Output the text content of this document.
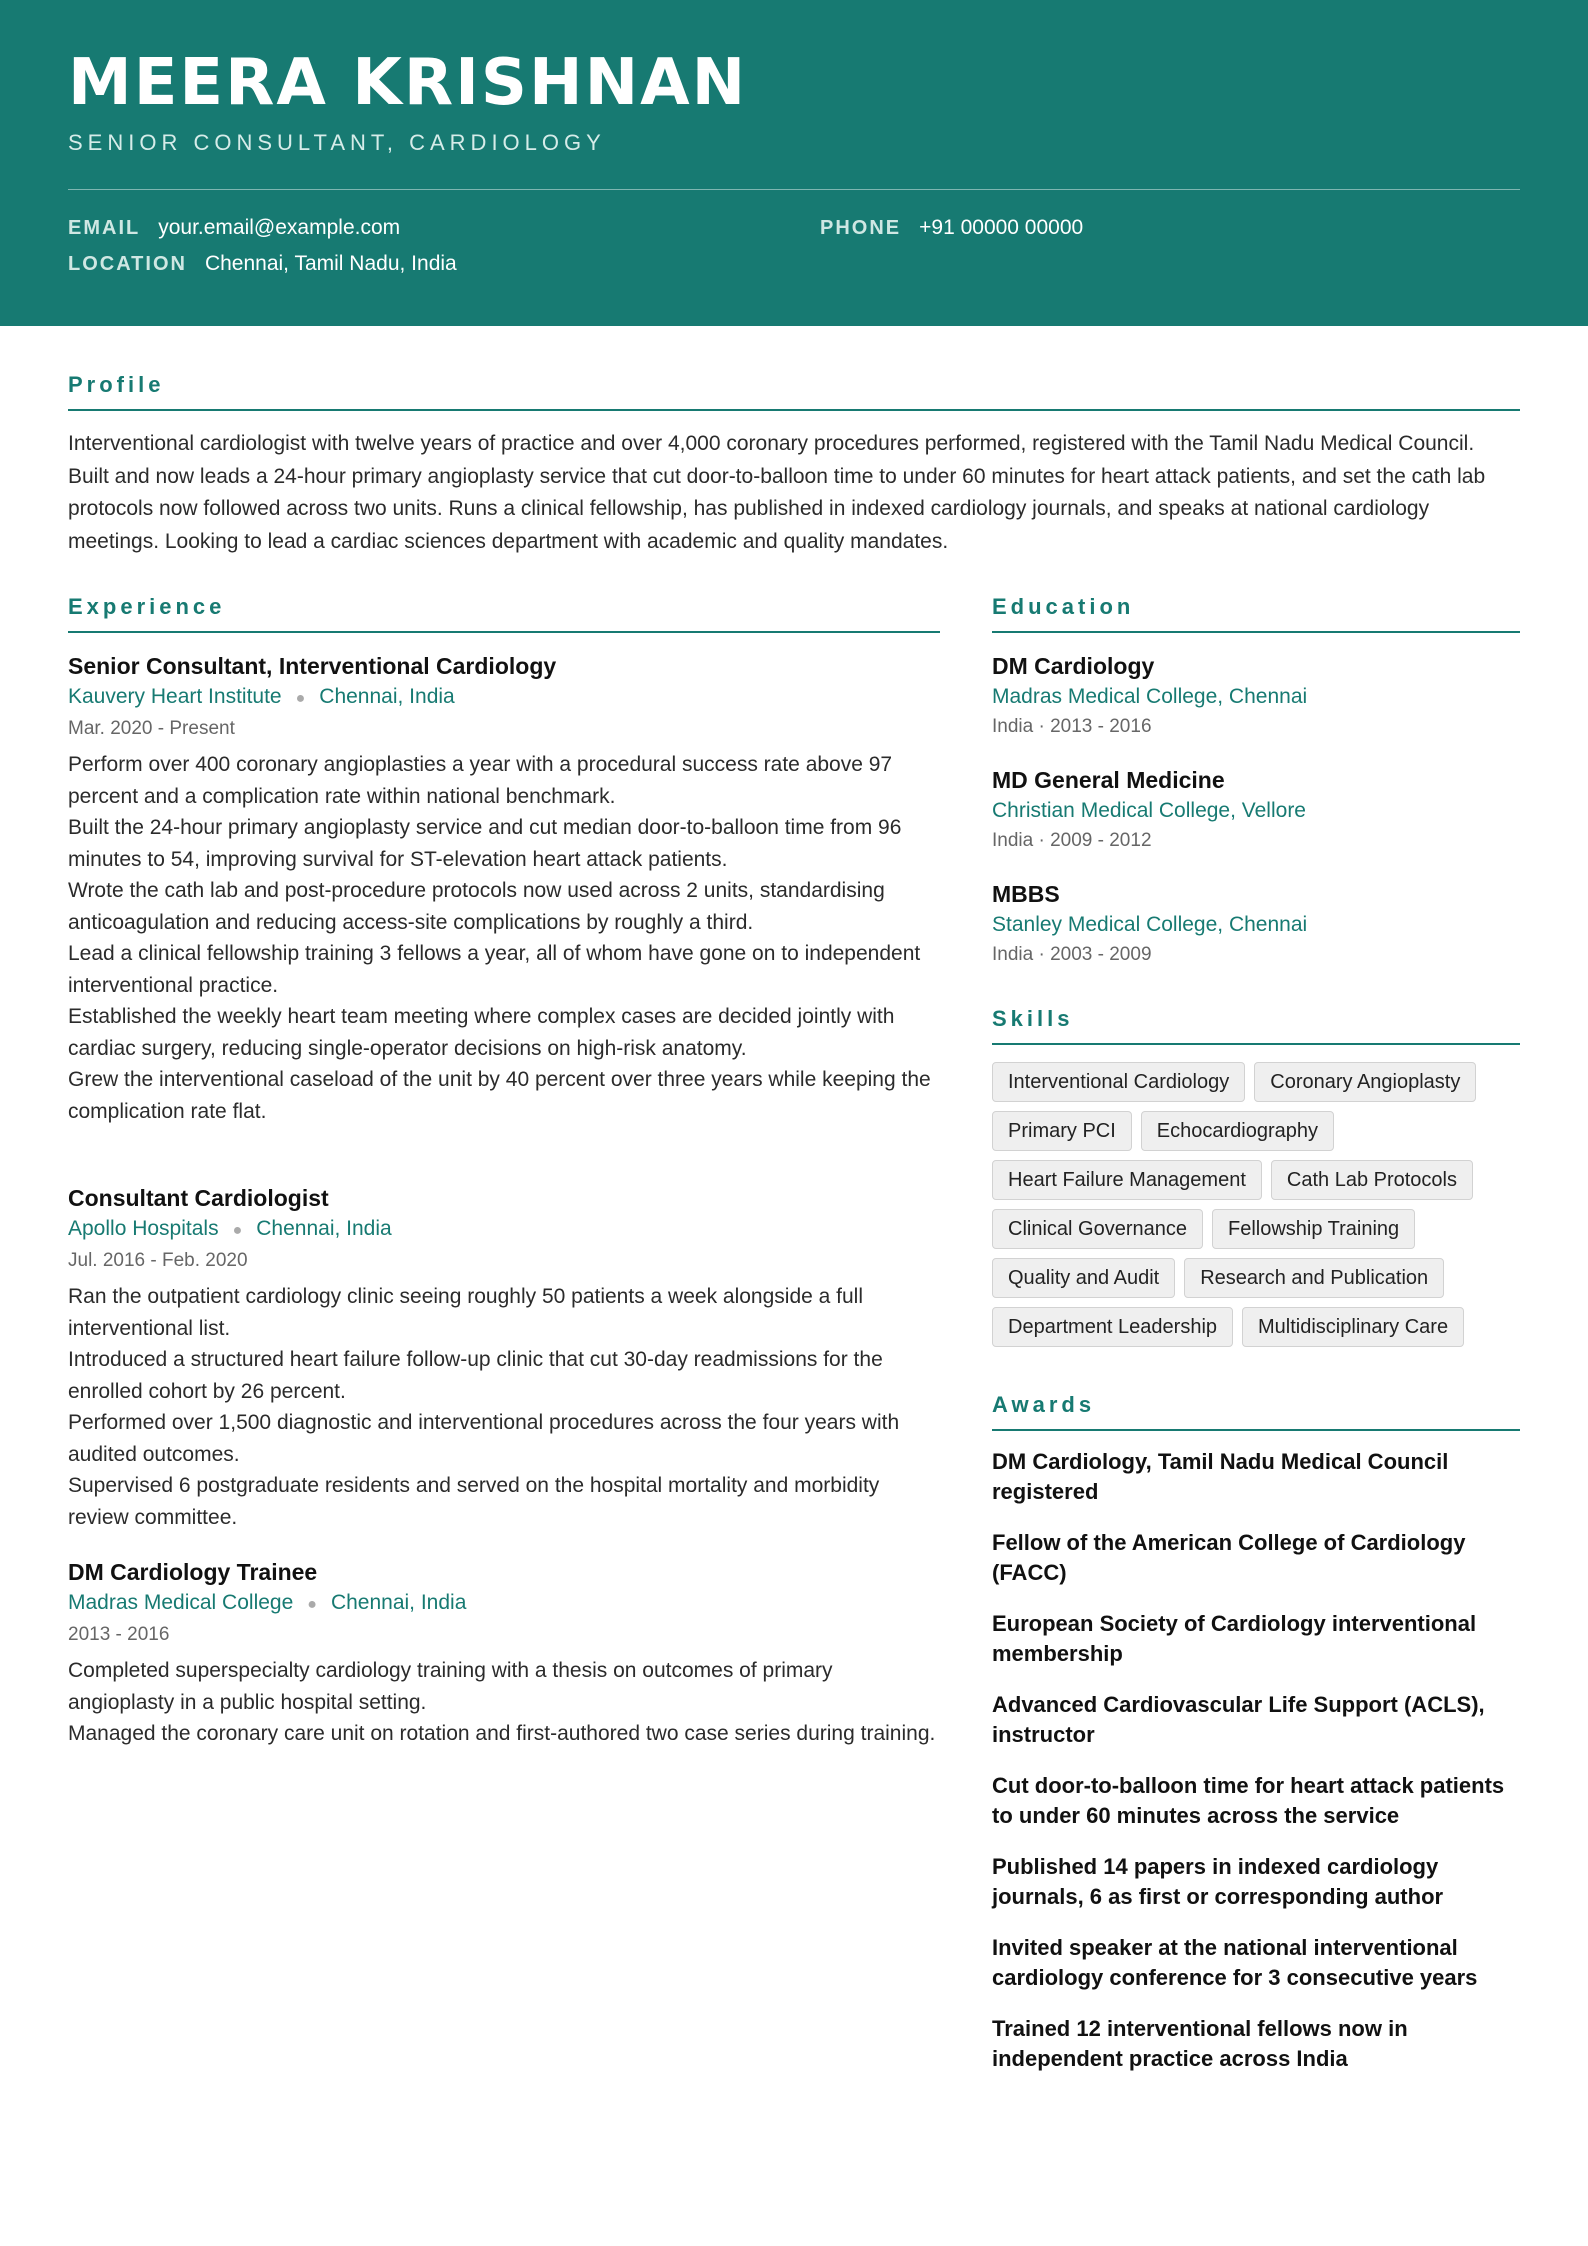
MEERA KRISHNAN
SENIOR CONSULTANT, CARDIOLOGY
EMAIL your.email@example.com	PHONE +91 00000 00000
LOCATION Chennai, Tamil Nadu, India
Profile
Interventional cardiologist with twelve years of practice and over 4,000 coronary procedures performed, registered with the Tamil Nadu Medical Council. Built and now leads a 24-hour primary angioplasty service that cut door-to-balloon time to under 60 minutes for heart attack patients, and set the cath lab protocols now followed across two units. Runs a clinical fellowship, has published in indexed cardiology journals, and speaks at national cardiology meetings. Looking to lead a cardiac sciences department with academic and quality mandates.
Experience
Senior Consultant, Interventional Cardiology
Kauvery Heart Institute ● Chennai, India
Mar. 2020 - Present
Perform over 400 coronary angioplasties a year with a procedural success rate above 97 percent and a complication rate within national benchmark.
Built the 24-hour primary angioplasty service and cut median door-to-balloon time from 96 minutes to 54, improving survival for ST-elevation heart attack patients.
Wrote the cath lab and post-procedure protocols now used across 2 units, standardising anticoagulation and reducing access-site complications by roughly a third.
Lead a clinical fellowship training 3 fellows a year, all of whom have gone on to independent interventional practice.
Established the weekly heart team meeting where complex cases are decided jointly with cardiac surgery, reducing single-operator decisions on high-risk anatomy.
Grew the interventional caseload of the unit by 40 percent over three years while keeping the complication rate flat.
Consultant Cardiologist
Apollo Hospitals ● Chennai, India
Jul. 2016 - Feb. 2020
Ran the outpatient cardiology clinic seeing roughly 50 patients a week alongside a full interventional list.
Introduced a structured heart failure follow-up clinic that cut 30-day readmissions for the enrolled cohort by 26 percent.
Performed over 1,500 diagnostic and interventional procedures across the four years with audited outcomes.
Supervised 6 postgraduate residents and served on the hospital mortality and morbidity review committee.
DM Cardiology Trainee
Madras Medical College ● Chennai, India
2013 - 2016
Completed superspecialty cardiology training with a thesis on outcomes of primary angioplasty in a public hospital setting.
Managed the coronary care unit on rotation and first-authored two case series during training.
Education
DM Cardiology
Madras Medical College, Chennai
India · 2013 - 2016
MD General Medicine
Christian Medical College, Vellore
India · 2009 - 2012
MBBS
Stanley Medical College, Chennai
India · 2003 - 2009
Skills
Interventional Cardiology	Coronary Angioplasty
Primary PCI	Echocardiography
Heart Failure Management	Cath Lab Protocols
Clinical Governance	Fellowship Training
Quality and Audit	Research and Publication
Department Leadership	Multidisciplinary Care
Awards
DM Cardiology, Tamil Nadu Medical Council registered
Fellow of the American College of Cardiology (FACC)
European Society of Cardiology interventional membership
Advanced Cardiovascular Life Support (ACLS), instructor
Cut door-to-balloon time for heart attack patients to under 60 minutes across the service
Published 14 papers in indexed cardiology journals, 6 as first or corresponding author
Invited speaker at the national interventional cardiology conference for 3 consecutive years
Trained 12 interventional fellows now in independent practice across India
